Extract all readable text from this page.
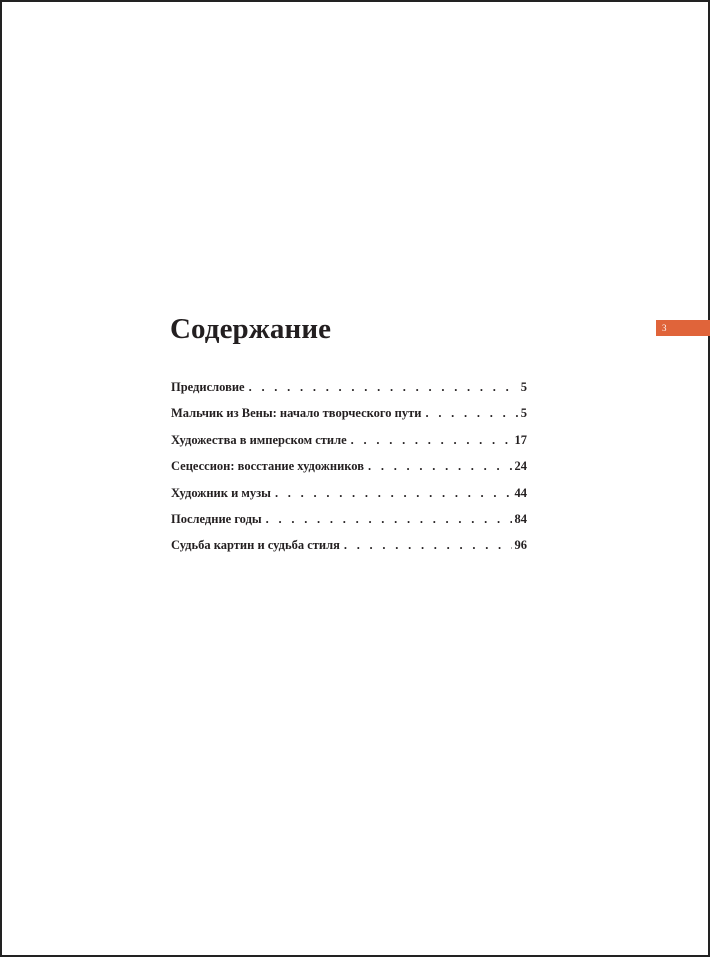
3
Содержание
Предисловие . . .	5
Мальчик из Вены: начало творческого пути . . .	5
Художества в имперском стиле . . .	17
Сецессион: восстание художников . . .	24
Художник и музы . . .	44
Последние годы . . .	84
Судьба картин и судьба стиля . . .	96
